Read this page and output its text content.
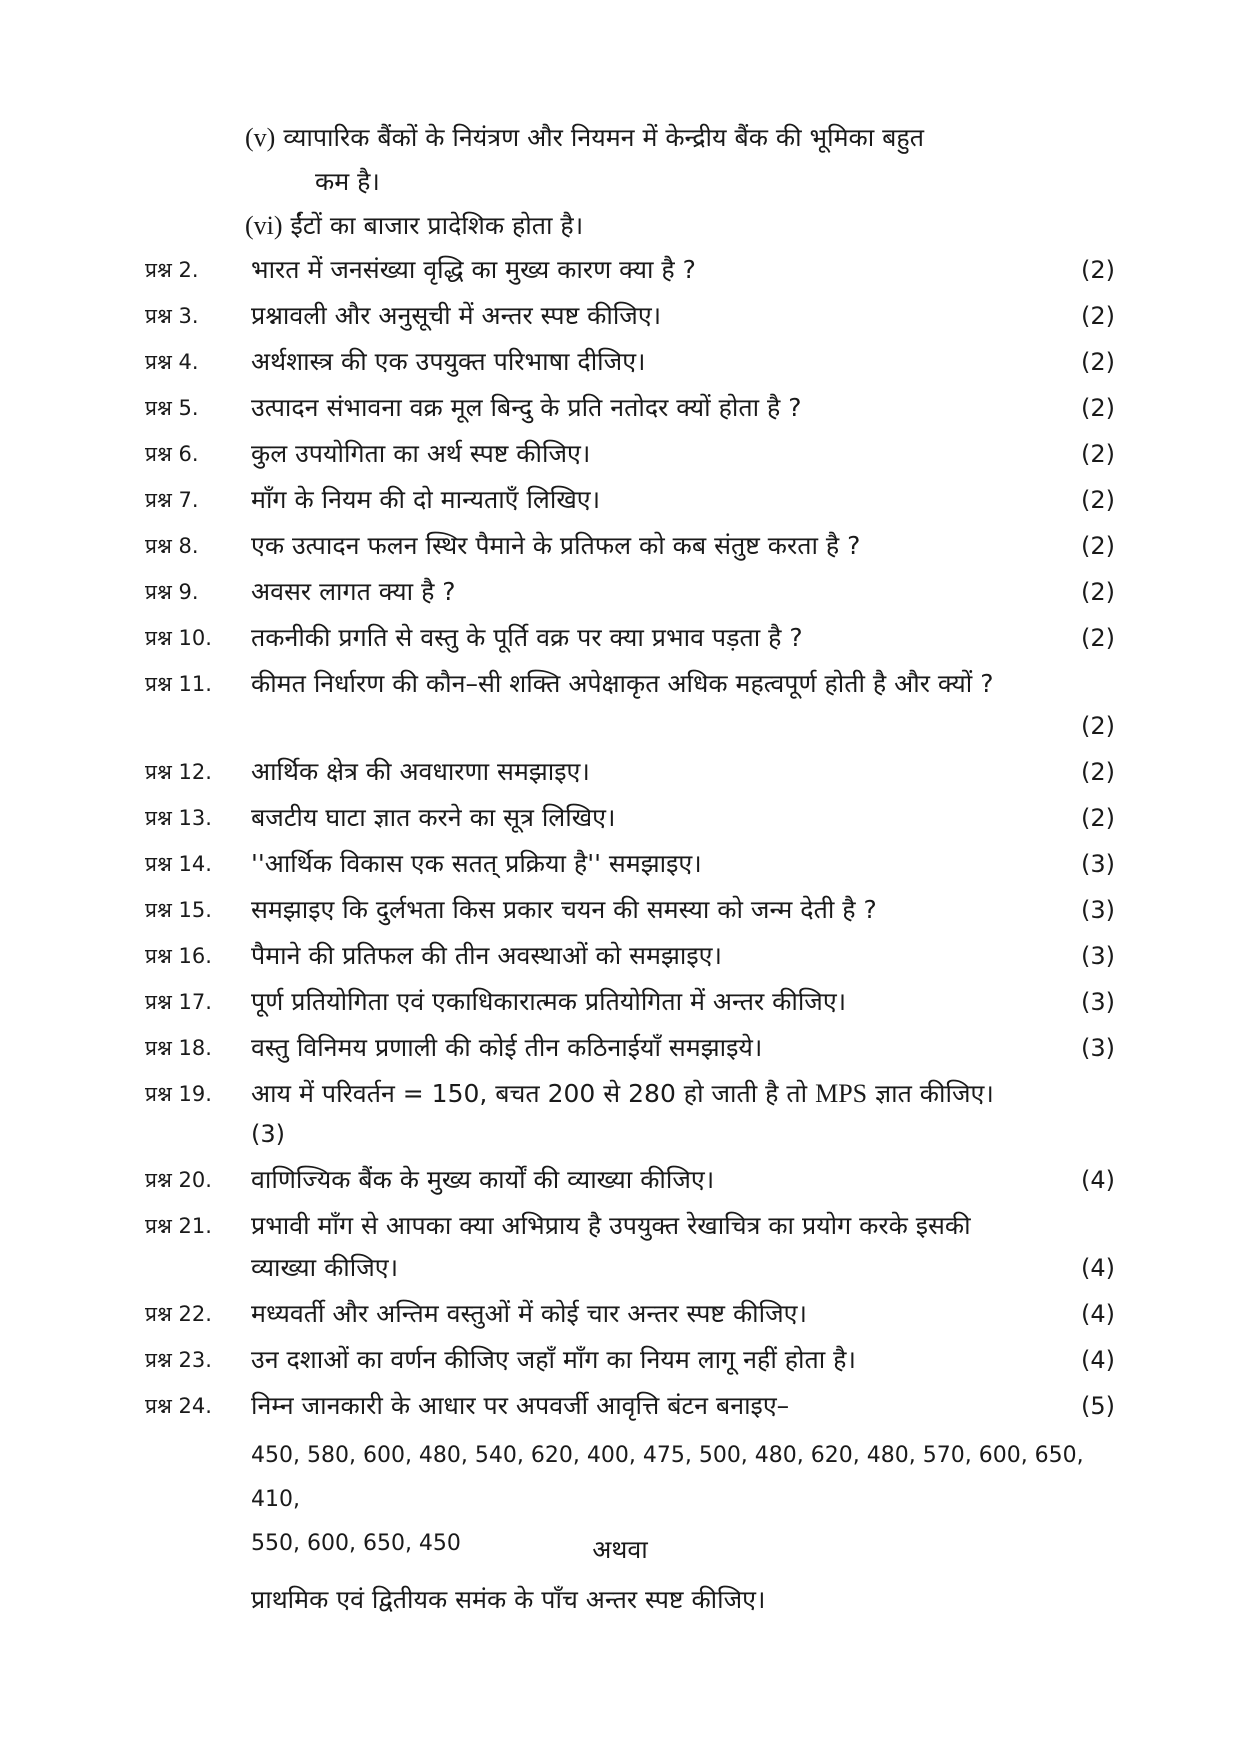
(v) व्यापारिक बैंकों के नियंत्रण और नियमन में केन्द्रीय बैंक की भूमिका बहुत
कम है।
(vi) ईंटों का बाजार प्रादेशिक होता है।
प्रश्न 2. भारत में जनसंख्या वृद्धि का मुख्य कारण क्या है ?	(2)
प्रश्न 3. प्रश्नावली और अनुसूची में अन्तर स्पष्ट कीजिए।	(2)
प्रश्न 4. अर्थशास्त्र की एक उपयुक्त परिभाषा दीजिए।	(2)
प्रश्न 5. उत्पादन संभावना वक्र मूल बिन्दु के प्रति नतोदर क्यों होता है ?	(2)
प्रश्न 6. कुल उपयोगिता का अर्थ स्पष्ट कीजिए।	(2)
प्रश्न 7. माँग के नियम की दो मान्यताएँ लिखिए।	(2)
प्रश्न 8. एक उत्पादन फलन स्थिर पैमाने के प्रतिफल को कब संतुष्ट करता है ?	(2)
प्रश्न 9. अवसर लागत क्या है ?	(2)
प्रश्न 10. तकनीकी प्रगति से वस्तु के पूर्ति वक्र पर क्या प्रभाव पड़ता है ?	(2)
प्रश्न 11. कीमत निर्धारण की कौन–सी शक्ति अपेक्षाकृत अधिक महत्वपूर्ण होती है और क्यों ?
(2)
प्रश्न 12. आर्थिक क्षेत्र की अवधारणा समझाइए।	(2)
प्रश्न 13. बजटीय घाटा ज्ञात करने का सूत्र लिखिए।	(2)
प्रश्न 14. ''आर्थिक विकास एक सतत् प्रक्रिया है'' समझाइए।	(3)
प्रश्न 15. समझाइए कि दुर्लभता किस प्रकार चयन की समस्या को जन्म देती है ?	(3)
प्रश्न 16. पैमाने की प्रतिफल की तीन अवस्थाओं को समझाइए।	(3)
प्रश्न 17. पूर्ण प्रतियोगिता एवं एकाधिकारात्मक प्रतियोगिता में अन्तर कीजिए।	(3)
प्रश्न 18. वस्तु विनिमय प्रणाली की कोई तीन कठिनाईयाँ समझाइये।	(3)
प्रश्न 19. आय में परिवर्तन = 150, बचत 200 से 280 हो जाती है तो MPS ज्ञात कीजिए।
(3)
प्रश्न 20. वाणिज्यिक बैंक के मुख्य कार्यों की व्याख्या कीजिए।	(4)
प्रश्न 21. प्रभावी माँग से आपका क्या अभिप्राय है उपयुक्त रेखाचित्र का प्रयोग करके इसकी
व्याख्या कीजिए।	(4)
प्रश्न 22. मध्यवर्ती और अन्तिम वस्तुओं में कोई चार अन्तर स्पष्ट कीजिए।	(4)
प्रश्न 23. उन दशाओं का वर्णन कीजिए जहाँ माँग का नियम लागू नहीं होता है।	(4)
प्रश्न 24. निम्न जानकारी के आधार पर अपवर्जी आवृत्ति बंटन बनाइए–	(5)
450, 580, 600, 480, 540, 620, 400, 475, 500, 480, 620, 480, 570, 600, 650, 410,
550, 600, 650, 450	अथवा
प्राथमिक एवं द्वितीयक समंक के पाँच अन्तर स्पष्ट कीजिए।
